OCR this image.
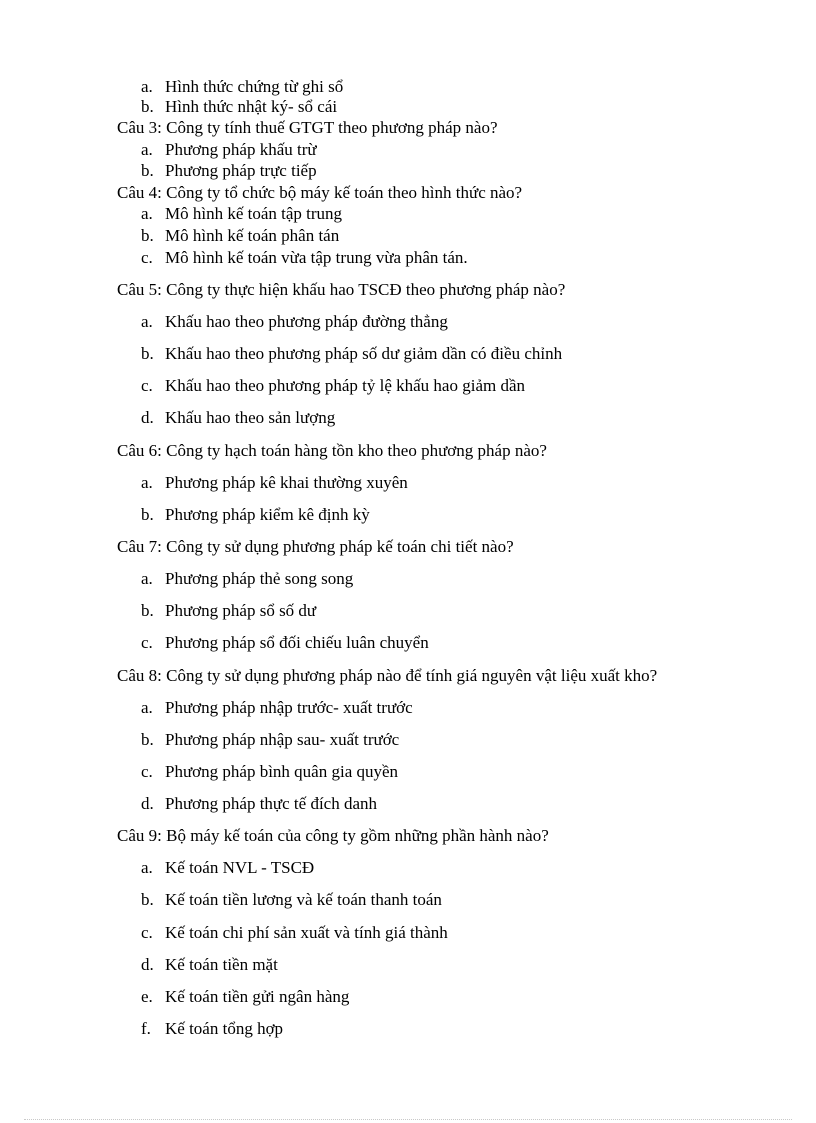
a. Hình thức chứng từ ghi sổ
b. Hình thức nhật ký- sổ cái
Câu 3: Công ty tính thuế GTGT theo phương pháp nào?
a. Phương pháp khấu trừ
b. Phương pháp trực tiếp
Câu 4: Công ty tổ chức bộ máy kế toán theo hình thức nào?
a. Mô hình kế toán tập trung
b. Mô hình kế toán phân tán
c. Mô hình kế toán vừa tập trung vừa phân tán.
Câu 5: Công ty thực hiện khấu hao TSCĐ theo phương pháp nào?
a. Khấu hao theo phương pháp đường thẳng
b. Khấu hao theo phương pháp số dư giảm dần có điều chỉnh
c. Khấu hao theo phương pháp tỷ lệ khấu hao giảm dần
d. Khấu hao theo sản lượng
Câu 6: Công ty hạch toán hàng tồn kho theo phương pháp nào?
a. Phương pháp kê khai thường xuyên
b. Phương pháp kiểm kê định kỳ
Câu 7: Công ty sử dụng phương pháp kế toán chi tiết nào?
a. Phương pháp thẻ song song
b. Phương pháp sổ số dư
c. Phương pháp sổ đối chiếu luân chuyển
Câu 8: Công ty sử dụng phương pháp nào để tính giá nguyên vật liệu xuất kho?
a. Phương pháp nhập trước- xuất trước
b. Phương pháp nhập sau- xuất trước
c. Phương pháp bình quân gia quyền
d. Phương pháp thực tế đích danh
Câu 9: Bộ máy kế toán của công ty gồm những phần hành nào?
a. Kế toán NVL - TSCĐ
b. Kế toán tiền lương và kế toán thanh toán
c. Kế toán chi phí sản xuất và tính giá thành
d. Kế toán tiền mặt
e. Kế toán tiền gửi ngân hàng
f. Kế toán tổng hợp
